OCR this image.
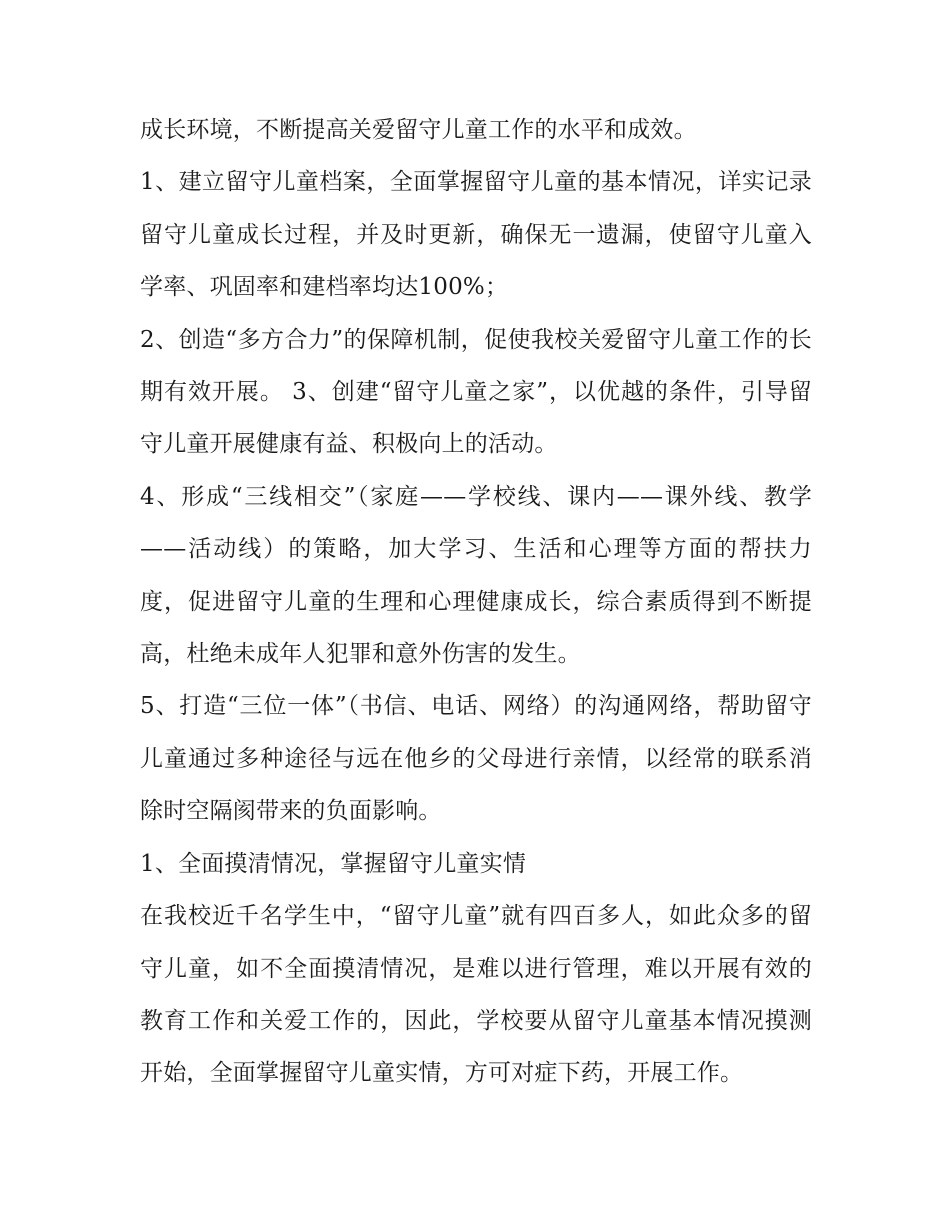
成长环境，不断提高关爱留守儿童工作的水平和成效。

1、建立留守儿童档案，全面掌握留守儿童的基本情况，详实记录留守儿童成长过程，并及时更新，确保无一遗漏，使留守儿童入学率、巩固率和建档率均达100%；

2、创造“多方合力”的保障机制，促使我校关爱留守儿童工作的长期有效开展。 3、创建“留守儿童之家”，以优越的条件，引导留守儿童开展健康有益、积极向上的活动。

4、形成“三线相交”（家庭——学校线、课内——课外线、教学——活动线）的策略，加大学习、生活和心理等方面的帮扶力度，促进留守儿童的生理和心理健康成长，综合素质得到不断提高，杜绝未成年人犯罪和意外伤害的发生。

5、打造“三位一体”（书信、电话、网络）的沟通网络，帮助留守儿童通过多种途径与远在他乡的父母进行亲情，以经常的联系消除时空隔阂带来的负面影响。

1、全面摸清情况，掌握留守儿童实情

在我校近千名学生中，“留守儿童”就有四百多人，如此众多的留守儿童，如不全面摸清情况，是难以进行管理，难以开展有效的教育工作和关爱工作的，因此，学校要从留守儿童基本情况摸测开始，全面掌握留守儿童实情，方可对症下药，开展工作。
